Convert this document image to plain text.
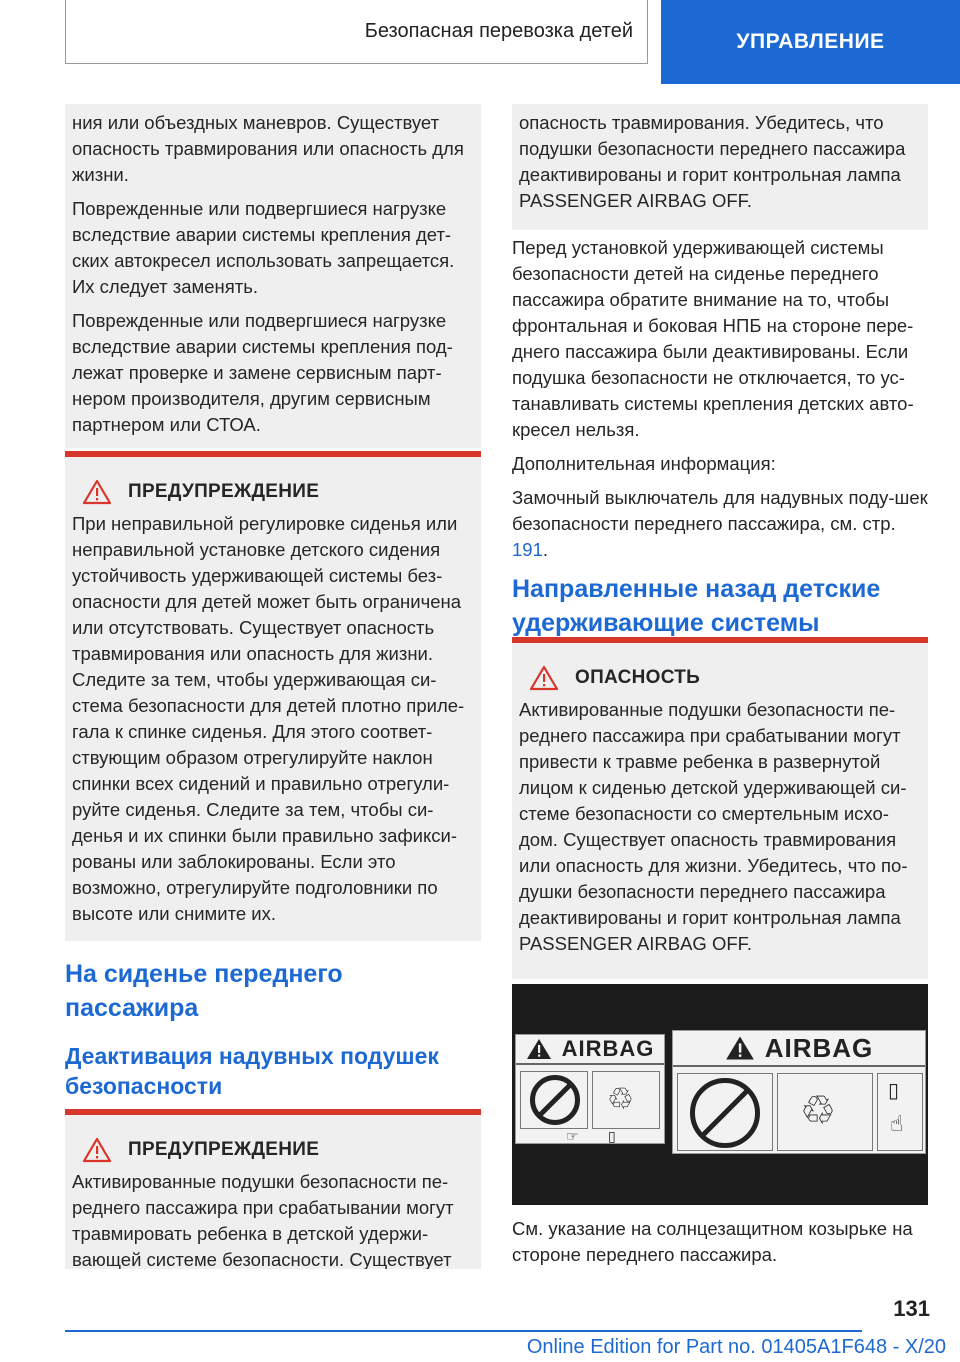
Безопасная перевозка детей	УПРАВЛЕНИЕ

ния или объездных маневров. Существует опасность травмирования или опасность для жизни.

Поврежденные или подвергшиеся нагрузке вследствие аварии системы крепления дет-ских автокресел использовать запрещается. Их следует заменять.

Поврежденные или подвергшиеся нагрузке вследствие аварии системы крепления под-лежат проверке и замене сервисным парт-нером производителя, другим сервисным партнером или СТОА.

ПРЕДУПРЕЖДЕНИЕ

При неправильной регулировке сиденья или неправильной установке детского сидения устойчивость удерживающей системы без-опасности для детей может быть ограничена или отсутствовать. Существует опасность травмирования или опасность для жизни. Следите за тем, чтобы удерживающая си-стема безопасности для детей плотно приле-гала к спинке сиденья. Для этого соответ-ствующим образом отрегулируйте наклон спинки всех сидений и правильно отрегули-руйте сиденья. Следите за тем, чтобы си-денья и их спинки были правильно зафикси-рованы или заблокированы. Если это возможно, отрегулируйте подголовники по высоте или снимите их.

На сиденье переднего пассажира
Деактивация надувных подушек безопасности
ПРЕДУПРЕЖДЕНИЕ

Активированные подушки безопасности пе-реднего пассажира при срабатывании могут травмировать ребенка в детской удержи-вающей системе безопасности. Существует

опасность травмирования. Убедитесь, что подушки безопасности переднего пассажира деактивированы и горит контрольная лампа PASSENGER AIRBAG OFF.

Перед установкой удерживающей системы безопасности детей на сиденье переднего пассажира обратите внимание на то, чтобы фронтальная и боковая НПБ на стороне пере-днего пассажира были деактивированы. Если подушка безопасности не отключается, то ус-танавливать системы крепления детских авто-кресел нельзя.

Дополнительная информация:

Замочный выключатель для надувных поду-шек безопасности переднего пассажира, см. стр. 191.

Направленные назад детские удерживающие системы
ОПАСНОСТЬ

Активированные подушки безопасности пе-реднего пассажира при срабатывании могут привести к травме ребенка в развернутой лицом к сиденью детской удерживающей си-стеме безопасности со смертельным исхо-дом. Существует опасность травмирования или опасность для жизни. Убедитесь, что по-душки безопасности переднего пассажира деактивированы и горит контрольная лампа PASSENGER AIRBAG OFF.

AIRBAG
♲
☞ ▯
AIRBAG
♲	▯
☝

См. указание на солнцезащитном козырьке на стороне переднего пассажира.

131
Online Edition for Part no. 01405A1F648 - X/20
